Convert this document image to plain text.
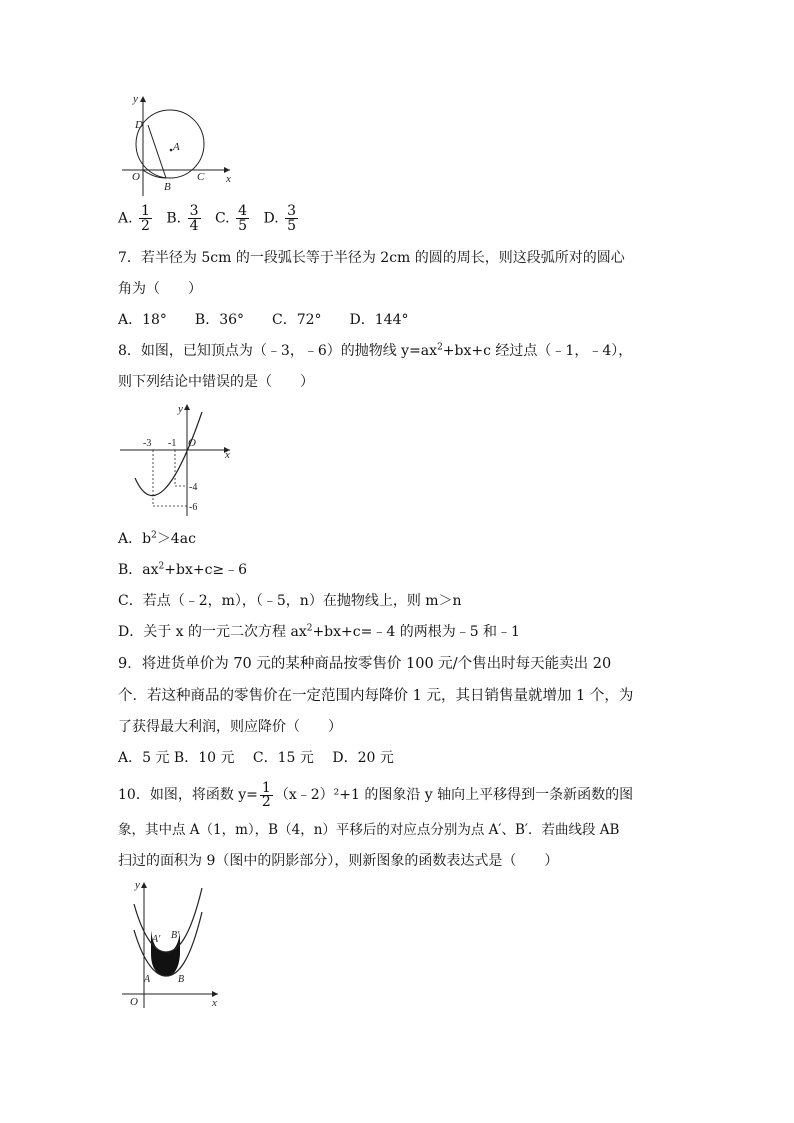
y
x
D
A
O
B
C
A. $\frac{1}{2} B$. $\frac{3}{4} C$. $\frac{4}{5} D$. $\frac{3}{5}$
7．若半径为 5cm 的一段弧长等于半径为 2cm 的圆的周长，则这段弧所对的圆心
角为（　　）
A．18°　　B．36°　　C．72°　　D．144°
8．如图，已知顶点为（﹣3，﹣6）的抛物线 $y=ax^2+bx+c$ 经过点（﹣1，﹣4），
则下列结论中错误的是（　　）
y
x
-3 -1 O
-4
-6
A．$b^2>4ac$
B．$ax^2+bx+c\ge﹣6$
C．若点（﹣2，m），（﹣5，n）在抛物线上，则 m＞n
D．关于 x 的一元二次方程 $ax^2+bx+c=﹣4$ 的两根为﹣5 和﹣1
9．将进货单价为 70 元的某种商品按零售价 100 元/个售出时每天能卖出 20
个．若这种商品的零售价在一定范围内每降价 1 元，其日销售量就增加 1 个，为
了获得最大利润，则应降价（　　）
A．5 元 B．10 元　 C．15 元　 D．20 元
10．如图，将函数 $y= \frac{1}{2}$ （x﹣2）²+1 的图象沿 y 轴向上平移得到一条新函数的图
象，其中点 A（1，m），B（4，n）平移后的对应点分别为点 A′、B′．若曲线段 AB
扫过的面积为 9（图中的阴影部分），则新图象的函数表达式是（　　）
y
x
O
A	B
A′ B′
